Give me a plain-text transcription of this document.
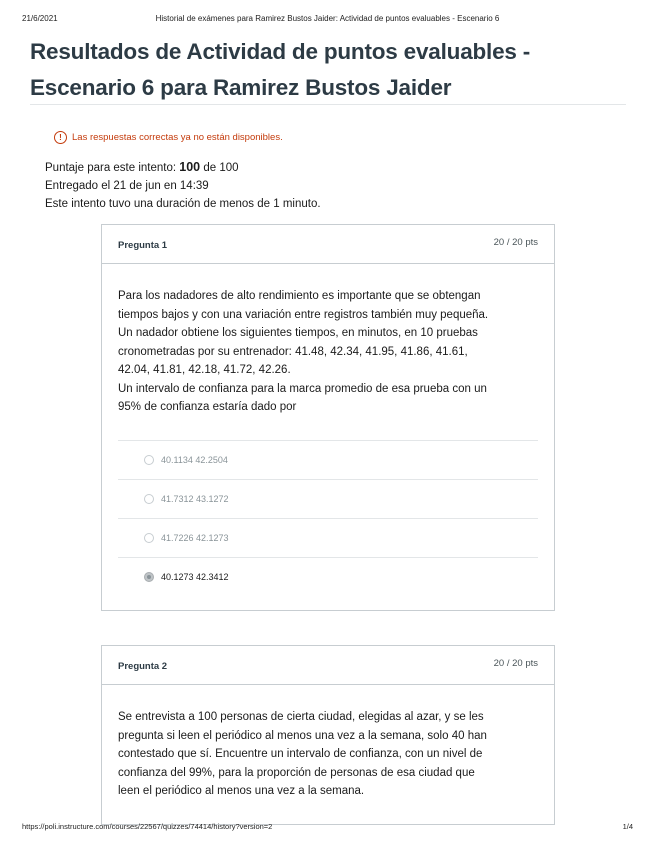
21/6/2021	Historial de exámenes para Ramirez Bustos Jaider: Actividad de puntos evaluables - Escenario 6
Resultados de Actividad de puntos evaluables - Escenario 6 para Ramirez Bustos Jaider
!	Las respuestas correctas ya no están disponibles.
Puntaje para este intento: 100 de 100
Entregado el 21 de jun en 14:39
Este intento tuvo una duración de menos de 1 minuto.
Pregunta 1	20 / 20 pts
Para los nadadores de alto rendimiento es importante que se obtengan
tiempos bajos y con una variación entre registros también muy pequeña.
Un nadador obtiene los siguientes tiempos, en minutos, en 10 pruebas
cronometradas por su entrenador: 41.48, 42.34, 41.95, 41.86, 41.61,
42.04, 41.81, 42.18, 41.72, 42.26.
Un intervalo de confianza para la marca promedio de esa prueba con un
95% de confianza estaría dado por
40.1134 42.2504
41.7312 43.1272
41.7226 42.1273
40.1273 42.3412
Pregunta 2	20 / 20 pts
Se entrevista a 100 personas de cierta ciudad, elegidas al azar, y se les
pregunta si leen el periódico al menos una vez a la semana, solo 40 han
contestado que sí. Encuentre un intervalo de confianza, con un nivel de
confianza del 99%, para la proporción de personas de esa ciudad que
leen el periódico al menos una vez a la semana.
https://poli.instructure.com/courses/22567/quizzes/74414/history?version=2	1/4
